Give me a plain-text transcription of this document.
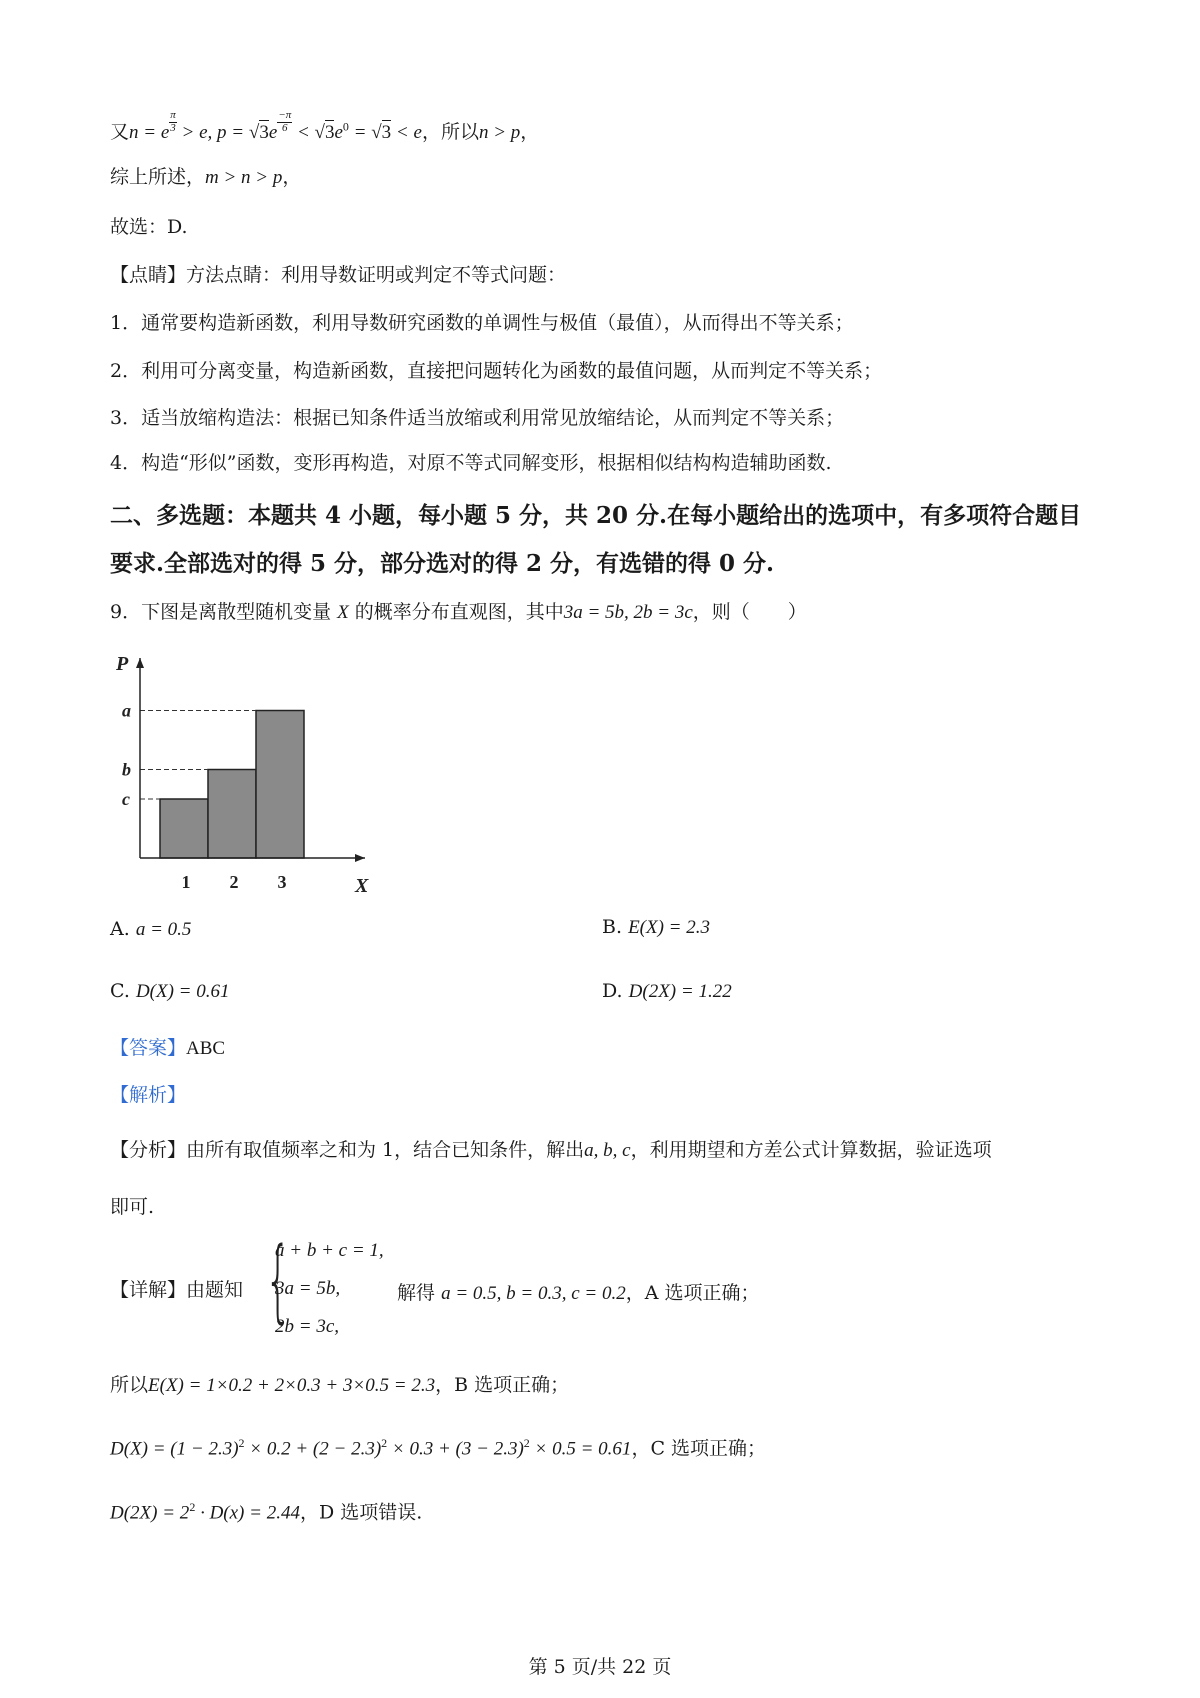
又n = e $\frac{\pi}{3} > e$, $p = √3e \frac{-\pi}{6} < √3e^0 = √3 < e$，所以n > p，
综上所述，m > n > p，
故选：D.
【点睛】方法点睛：利用导数证明或判定不等式问题：
1．通常要构造新函数，利用导数研究函数的单调性与极值（最值），从而得出不等关系；
2．利用可分离变量，构造新函数，直接把问题转化为函数的最值问题，从而判定不等关系；
3．适当放缩构造法：根据已知条件适当放缩或利用常见放缩结论，从而判定不等关系；
4．构造“形似”函数，变形再构造，对原不等式同解变形，根据相似结构构造辅助函数.
二、多选题：本题共 4 小题，每小题 5 分，共 20 分.在每小题给出的选项中，有多项符合题目
要求.全部选对的得 5 分，部分选对的得 2 分，有选错的得 0 分.
9．下图是离散型随机变量 X 的概率分布直观图，其中3a = 5b, 2b = 3c，则（　　）
c
1
b
2
a
3	X
P
A. a = 0.5	B. E(X) = 2.3
C. D(X) = 0.61	D. D(2X) = 1.22
【答案】ABC
【解析】
【分析】由所有取值频率之和为 1，结合已知条件，解出a, b, c，利用期望和方差公式计算数据，验证选项
即可.
【详解】由题知 {
a + b + c = 1,
3a = 5b,
2b = 3c,
解得 a = 0.5, b = 0.3, c = 0.2，A 选项正确；
所以E(X) = 1×0.2 + 2×0.3 + 3×0.5 = 2.3，B 选项正确；
$D(X) = (1 - 2.3)^2 \times 0.2 + (2 - 2.3)^2 \times 0.3 + (3 - 2.3)^2 \times 0.5 = 0.61$，C 选项正确；
$D(2X) = 2^2 \cdot D(x) = 2.44$，D 选项错误.
第 5 页/共 22 页
